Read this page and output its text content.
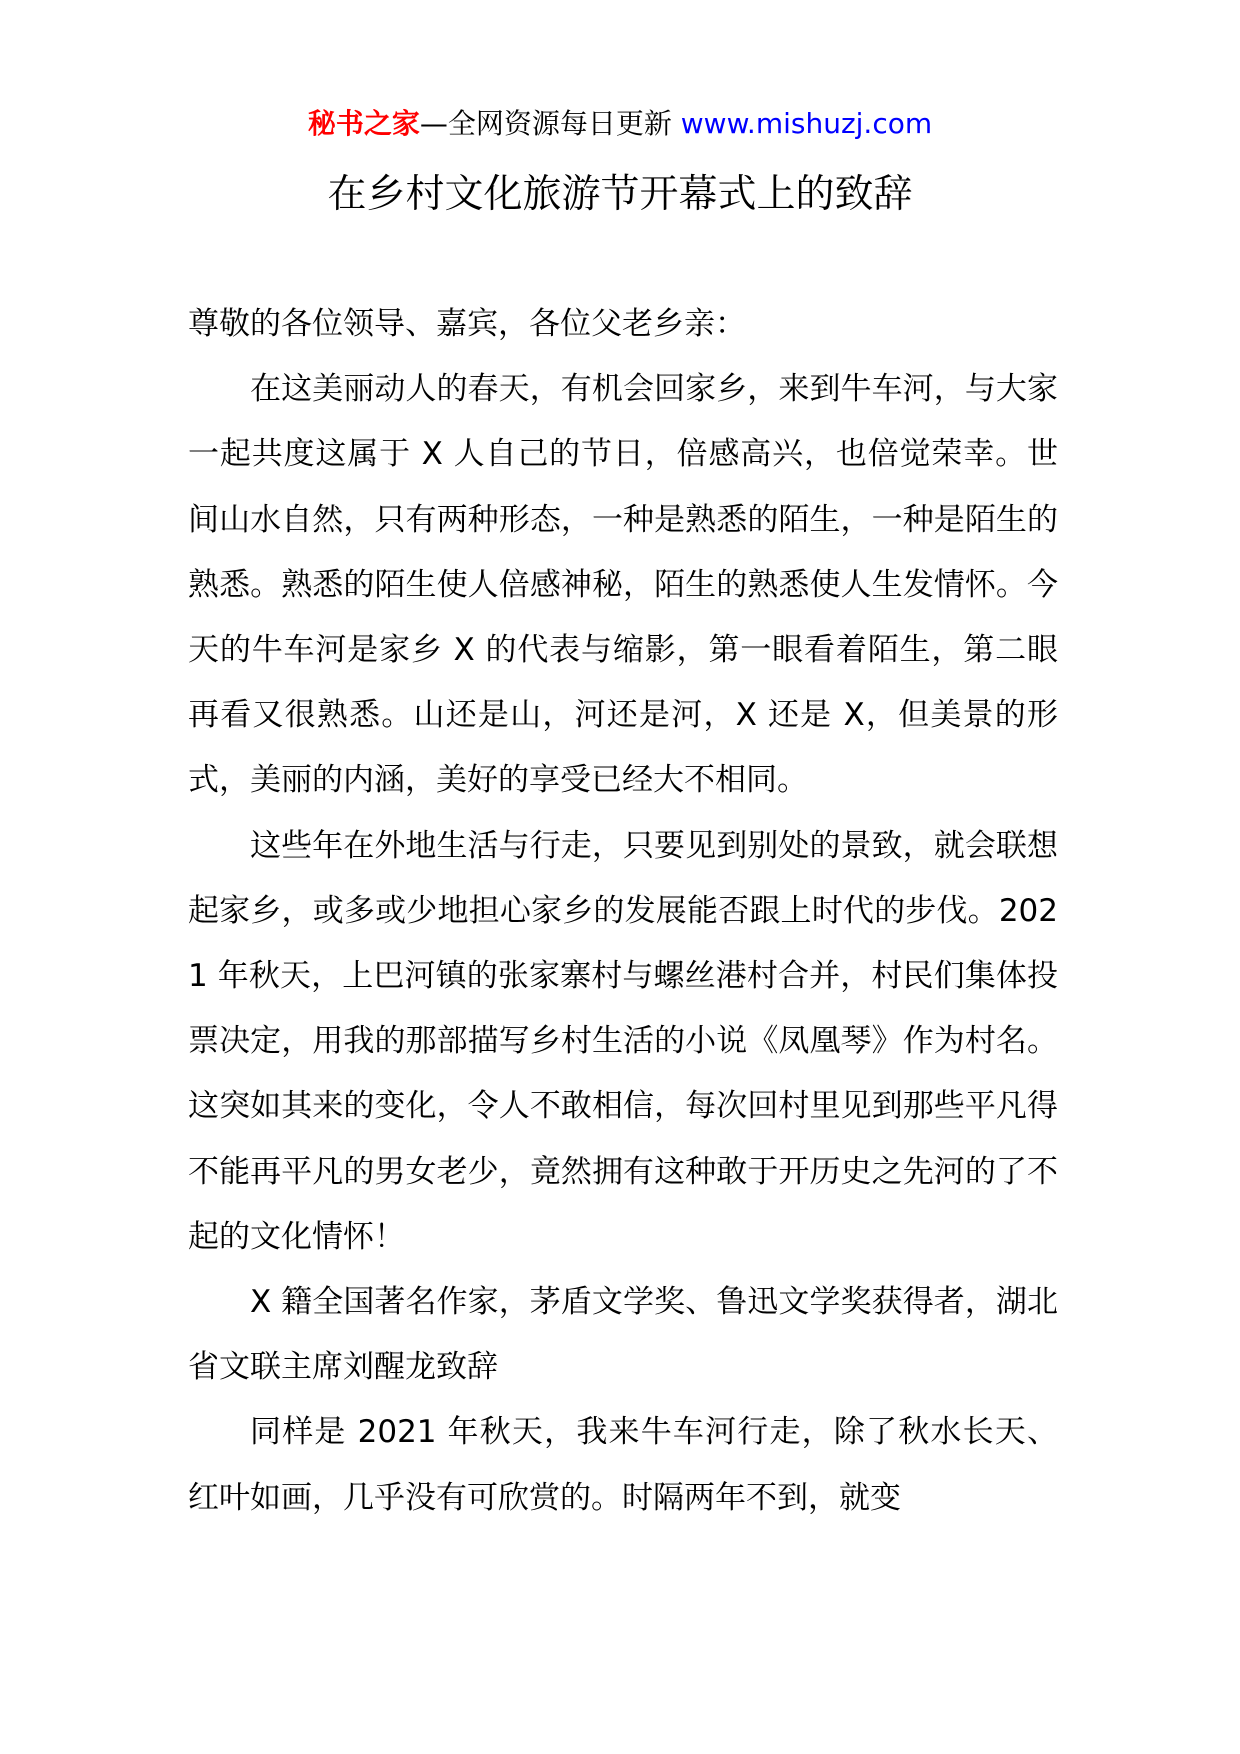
秘书之家—全网资源每日更新 www.mishuzj.com
在乡村文化旅游节开幕式上的致辞

尊敬的各位领导、嘉宾，各位父老乡亲：

在这美丽动人的春天，有机会回家乡，来到牛车河，与大家一起共度这属于 X 人自己的节日，倍感高兴，也倍觉荣幸。世间山水自然，只有两种形态，一种是熟悉的陌生，一种是陌生的熟悉。熟悉的陌生使人倍感神秘，陌生的熟悉使人生发情怀。今天的牛车河是家乡 X 的代表与缩影，第一眼看着陌生，第二眼再看又很熟悉。山还是山，河还是河，X 还是 X，但美景的形式，美丽的内涵，美好的享受已经大不相同。

这些年在外地生活与行走，只要见到别处的景致，就会联想起家乡，或多或少地担心家乡的发展能否跟上时代的步伐。2021 年秋天，上巴河镇的张家寨村与螺丝港村合并，村民们集体投票决定，用我的那部描写乡村生活的小说《凤凰琴》作为村名。这突如其来的变化，令人不敢相信，每次回村里见到那些平凡得不能再平凡的男女老少，竟然拥有这种敢于开历史之先河的了不起的文化情怀！

X 籍全国著名作家，茅盾文学奖、鲁迅文学奖获得者，湖北省文联主席刘醒龙致辞

同样是 2021 年秋天，我来牛车河行走，除了秋水长天、红叶如画，几乎没有可欣赏的。时隔两年不到，就变
